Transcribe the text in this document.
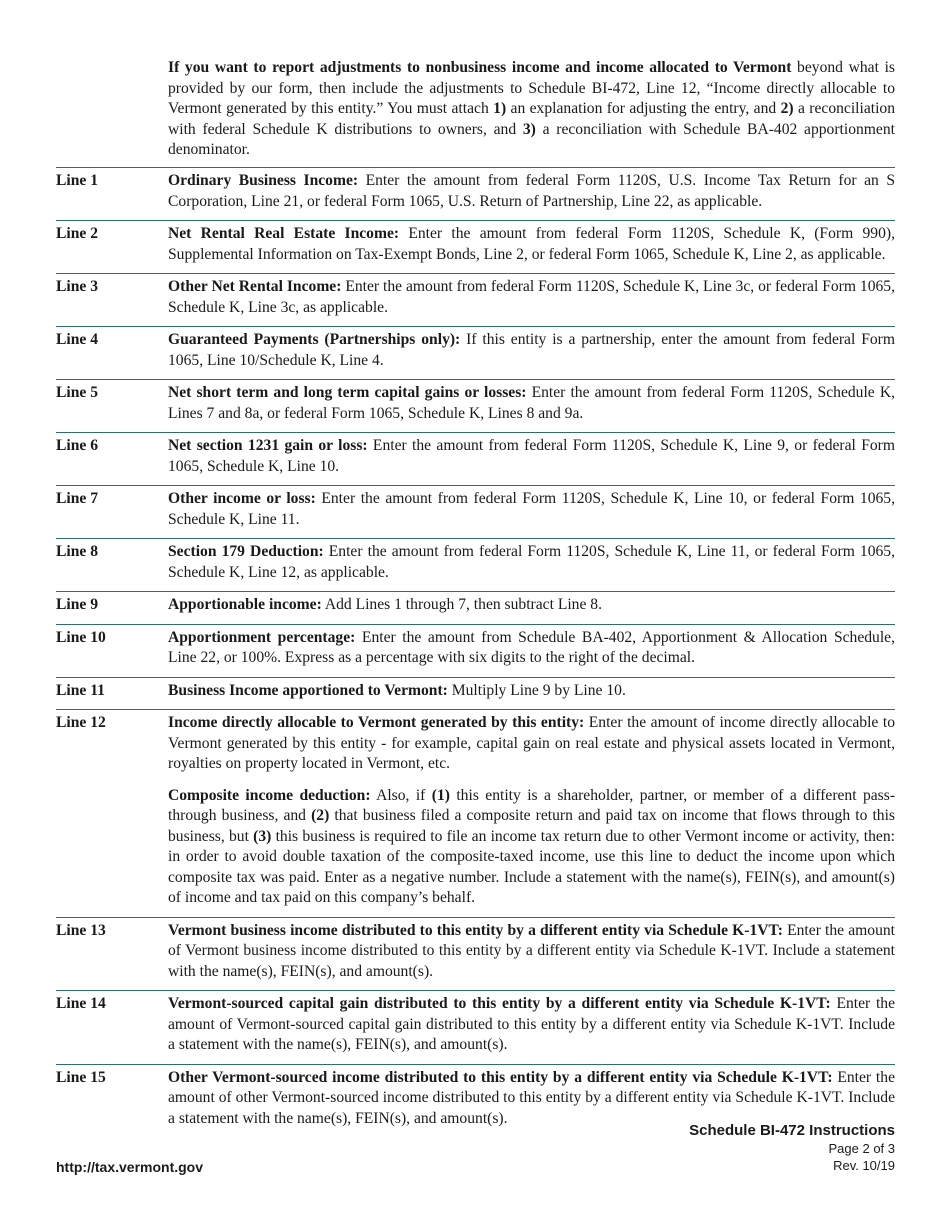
If you want to report adjustments to nonbusiness income and income allocated to Vermont beyond what is provided by our form, then include the adjustments to Schedule BI-472, Line 12, “Income directly allocable to Vermont generated by this entity.” You must attach 1) an explanation for adjusting the entry, and 2) a reconciliation with federal Schedule K distributions to owners, and 3) a reconciliation with Schedule BA-402 apportionment denominator.
Line 1	Ordinary Business Income: Enter the amount from federal Form 1120S, U.S. Income Tax Return for an S Corporation, Line 21, or federal Form 1065, U.S. Return of Partnership, Line 22, as applicable.

Line 2	Net Rental Real Estate Income: Enter the amount from federal Form 1120S, Schedule K, (Form 990), Supplemental Information on Tax-Exempt Bonds, Line 2, or federal Form 1065, Schedule K, Line 2, as applicable.

Line 3	Other Net Rental Income: Enter the amount from federal Form 1120S, Schedule K, Line 3c, or federal Form 1065, Schedule K, Line 3c, as applicable.

Line 4	Guaranteed Payments (Partnerships only): If this entity is a partnership, enter the amount from federal Form 1065, Line 10/Schedule K, Line 4.

Line 5	Net short term and long term capital gains or losses: Enter the amount from federal Form 1120S, Schedule K, Lines 7 and 8a, or federal Form 1065, Schedule K, Lines 8 and 9a.

Line 6	Net section 1231 gain or loss: Enter the amount from federal Form 1120S, Schedule K, Line 9, or federal Form 1065, Schedule K, Line 10.

Line 7	Other income or loss: Enter the amount from federal Form 1120S, Schedule K, Line 10, or federal Form 1065, Schedule K, Line 11.

Line 8	Section 179 Deduction: Enter the amount from federal Form 1120S, Schedule K, Line 11, or federal Form 1065, Schedule K, Line 12, as applicable.

Line 9	Apportionable income: Add Lines 1 through 7, then subtract Line 8.

Line 10	Apportionment percentage: Enter the amount from Schedule BA-402, Apportionment & Allocation Schedule, Line 22, or 100%. Express as a percentage with six digits to the right of the decimal.

Line 11	Business Income apportioned to Vermont: Multiply Line 9 by Line 10.

Line 12	Income directly allocable to Vermont generated by this entity: Enter the amount of income directly allocable to Vermont generated by this entity - for example, capital gain on real estate and physical assets located in Vermont, royalties on property located in Vermont, etc.

Composite income deduction: Also, if (1) this entity is a shareholder, partner, or member of a different pass-through business, and (2) that business filed a composite return and paid tax on income that flows through to this business, but (3) this business is required to file an income tax return due to other Vermont income or activity, then: in order to avoid double taxation of the composite-taxed income, use this line to deduct the income upon which composite tax was paid. Enter as a negative number. Include a statement with the name(s), FEIN(s), and amount(s) of income and tax paid on this company’s behalf.

Line 13	Vermont business income distributed to this entity by a different entity via Schedule K-1VT: Enter the amount of Vermont business income distributed to this entity by a different entity via Schedule K-1VT. Include a statement with the name(s), FEIN(s), and amount(s).

Line 14	Vermont-sourced capital gain distributed to this entity by a different entity via Schedule K-1VT: Enter the amount of Vermont-sourced capital gain distributed to this entity by a different entity via Schedule K-1VT. Include a statement with the name(s), FEIN(s), and amount(s).

Line 15	Other Vermont-sourced income distributed to this entity by a different entity via Schedule K-1VT: Enter the amount of other Vermont-sourced income distributed to this entity by a different entity via Schedule K-1VT. Include a statement with the name(s), FEIN(s), and amount(s).

Schedule BI-472 Instructions
Page 2 of 3
Rev. 10/19
http://tax.vermont.gov
